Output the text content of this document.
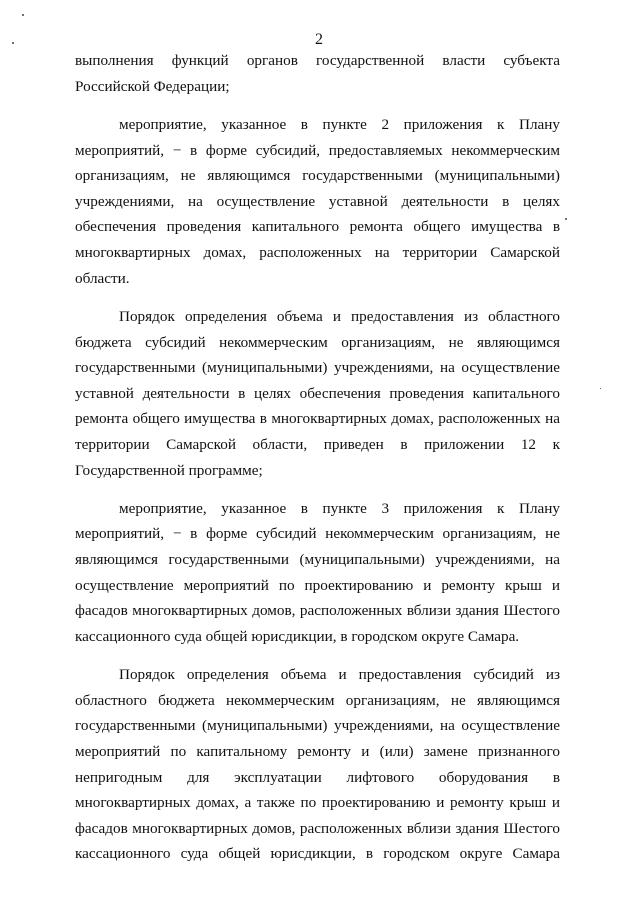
2
выполнения функций органов государственной власти субъекта
Российской Федерации;
мероприятие, указанное в пункте 2 приложения к Плану
мероприятий, − в форме субсидий, предоставляемых некоммерческим
организациям, не являющимся государственными (муниципальными)
учреждениями, на осуществление уставной деятельности в целях
обеспечения проведения капитального ремонта общего имущества в
многоквартирных домах, расположенных на территории Самарской
области.
Порядок определения объема и предоставления из областного
бюджета субсидий некоммерческим организациям, не являющимся
государственными (муниципальными) учреждениями, на осуществление
уставной деятельности в целях обеспечения проведения капитального
ремонта общего имущества в многоквартирных домах, расположенных на
территории Самарской области, приведен в приложении 12 к
Государственной программе;
мероприятие, указанное в пункте 3 приложения к Плану
мероприятий, − в форме субсидий некоммерческим организациям, не
являющимся государственными (муниципальными) учреждениями, на
осуществление мероприятий по проектированию и ремонту крыш и
фасадов многоквартирных домов, расположенных вблизи здания Шестого
кассационного суда общей юрисдикции, в городском округе Самара.
Порядок определения объема и предоставления субсидий из
областного бюджета некоммерческим организациям, не являющимся
государственными (муниципальными) учреждениями, на осуществление
мероприятий по капитальному ремонту и (или) замене признанного
непригодным для эксплуатации лифтового оборудования в
многоквартирных домах, а также по проектированию и ремонту крыш и
фасадов многоквартирных домов, расположенных вблизи здания Шестого
кассационного суда общей юрисдикции, в городском округе Самара
